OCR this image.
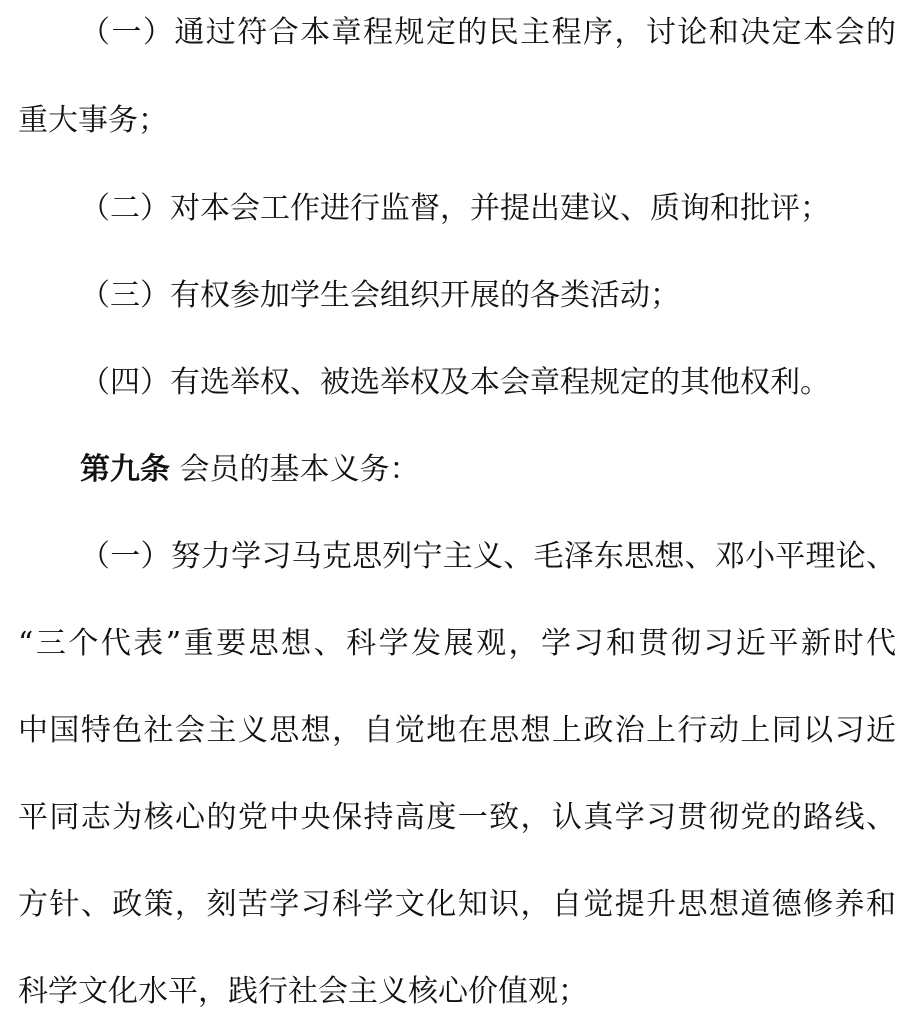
（一）通过符合本章程规定的民主程序，讨论和决定本会的
重大事务；
（二）对本会工作进行监督，并提出建议、质询和批评；
（三）有权参加学生会组织开展的各类活动；
（四）有选举权、被选举权及本会章程规定的其他权利。
第九条 会员的基本义务：
（一）努力学习马克思列宁主义、毛泽东思想、邓小平理论、
“三个代表”重要思想、科学发展观，学习和贯彻习近平新时代
中国特色社会主义思想，自觉地在思想上政治上行动上同以习近
平同志为核心的党中央保持高度一致，认真学习贯彻党的路线、
方针、政策，刻苦学习科学文化知识，自觉提升思想道德修养和
科学文化水平，践行社会主义核心价值观；
